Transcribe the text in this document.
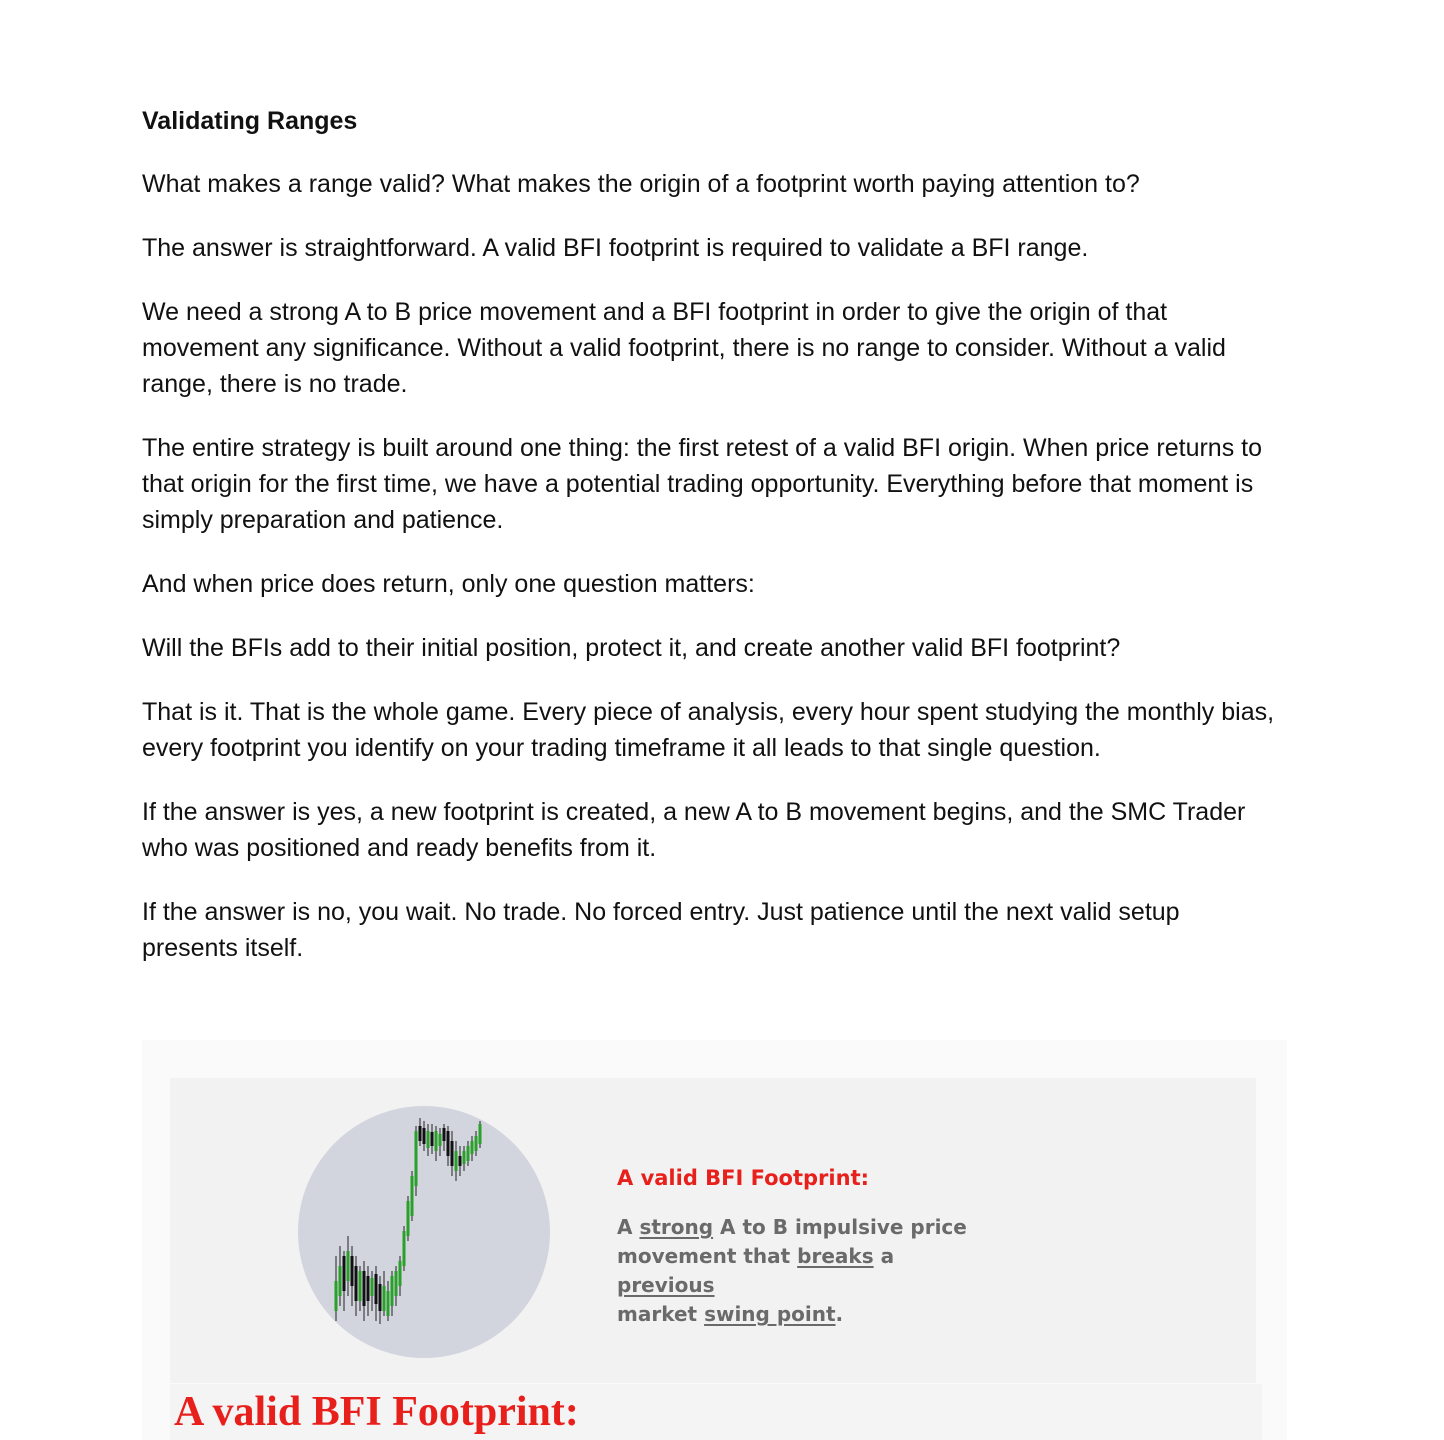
Validating Ranges

What makes a range valid? What makes the origin of a footprint worth paying attention to?

The answer is straightforward. A valid BFI footprint is required to validate a BFI range.

We need a strong A to B price movement and a BFI footprint in order to give the origin of that movement any significance. Without a valid footprint, there is no range to consider. Without a valid range, there is no trade.

The entire strategy is built around one thing: the first retest of a valid BFI origin. When price returns to that origin for the first time, we have a potential trading opportunity. Everything before that moment is simply preparation and patience.

And when price does return, only one question matters:

Will the BFIs add to their initial position, protect it, and create another valid BFI footprint?

That is it. That is the whole game. Every piece of analysis, every hour spent studying the monthly bias, every footprint you identify on your trading timeframe it all leads to that single question.

If the answer is yes, a new footprint is created, a new A to B movement begins, and the SMC Trader who was positioned and ready benefits from it.

If the answer is no, you wait. No trade. No forced entry. Just patience until the next valid setup presents itself.

A valid BFI Footprint:
A strong A to B impulsive price movement that breaks a previous
market swing point.
A valid BFI Footprint:
